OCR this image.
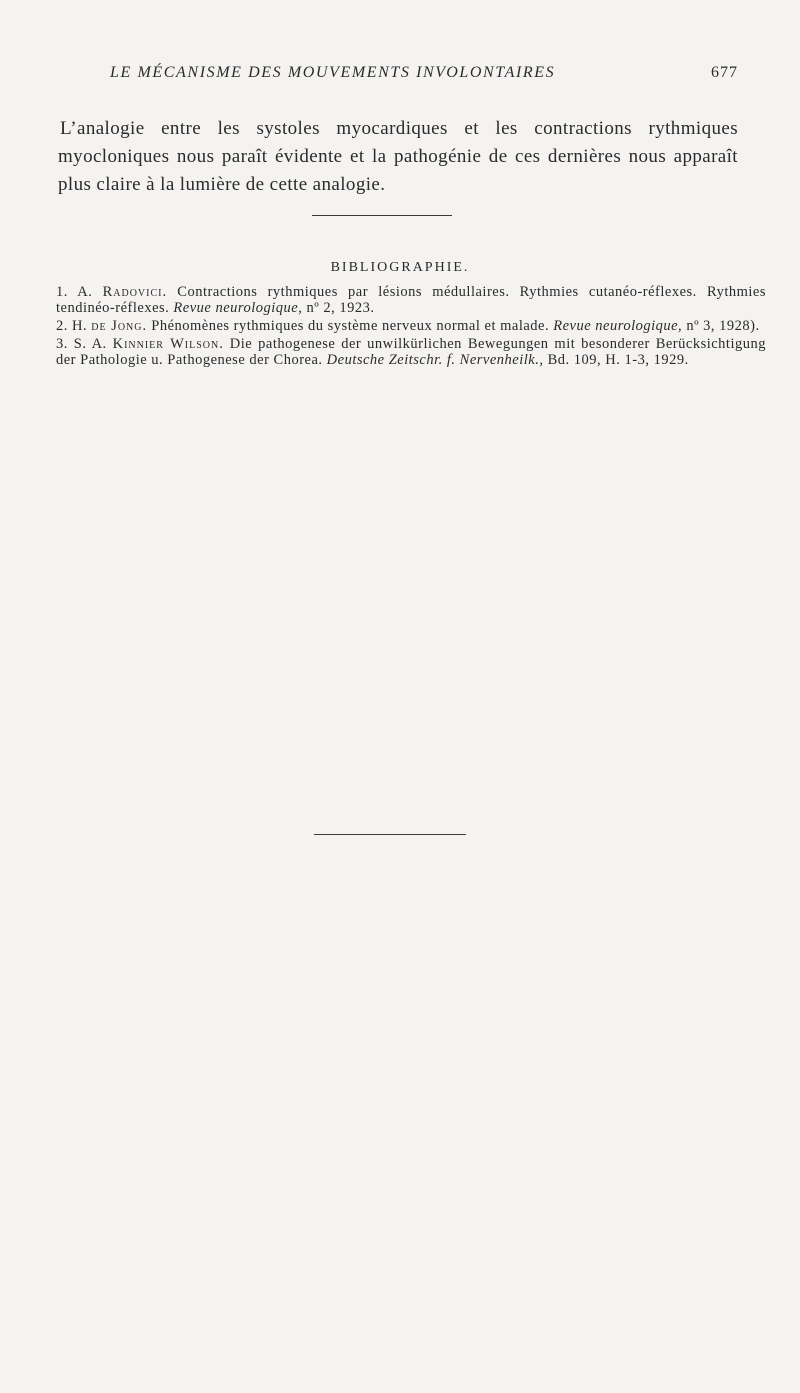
LE MÉCANISME DES MOUVEMENTS INVOLONTAIRES	677

L’analogie entre les systoles myocardiques et les contractions rythmiques myocloniques nous paraît évidente et la pathogénie de ces dernières nous apparaît plus claire à la lumière de cette analogie.

BIBLIOGRAPHIE.

1. A. Radovici. Contractions rythmiques par lésions médullaires. Rythmies cutanéo-réflexes. Rythmies tendinéo-réflexes. Revue neurologique, nº 2, 1923.

2. H. de Jong. Phénomènes rythmiques du système nerveux normal et malade. Revue neurologique, nº 3, 1928).

3. S. A. Kinnier Wilson. Die pathogenese der unwilkürlichen Bewegungen mit besonderer Berücksichtigung der Pathologie u. Pathogenese der Chorea. Deutsche Zeitschr. f. Nervenheilk., Bd. 109, H. 1-3, 1929.
